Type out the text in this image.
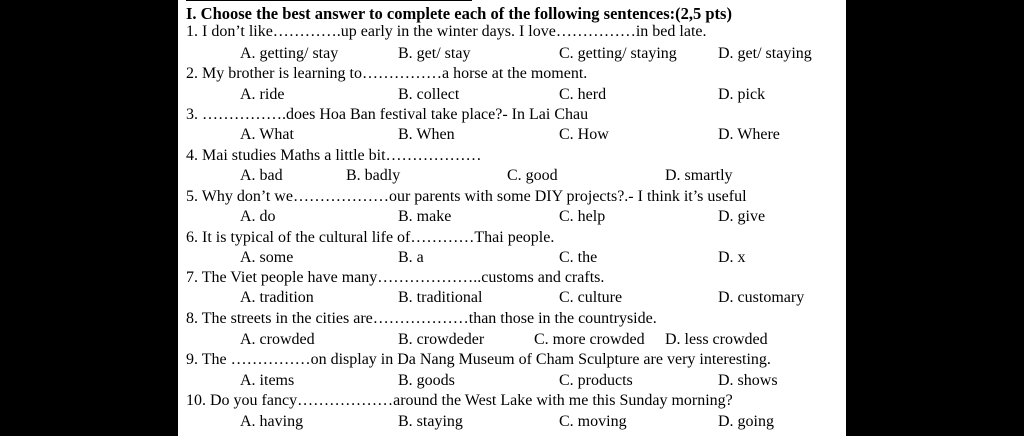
I. Choose the best answer to complete each of the following sentences:(2,5 pts)
1. I don’t like………….up early in the winter days. I love……………in bed late.
A. getting/ stay	B. get/ stay	C. getting/ staying	D. get/ staying
2. My brother is learning to……………a horse at the moment.
A. ride	B. collect	C. herd	D. pick
3. …………….does Hoa Ban festival take place?- In Lai Chau
A. What	B. When	C. How	D. Where
4. Mai studies Maths a little bit………………
A. bad	B. badly	C. good	D. smartly
5. Why don’t we………………our parents with some DIY projects?.- I think it’s useful
A. do	B. make	C. help	D. give
6. It is typical of the cultural life of…………Thai people.
A. some	B. a	C. the	D. x
7. The Viet people have many………………..customs and crafts.
A. tradition	B. traditional	C. culture	D. customary
8. The streets in the cities are………………than those in the countryside.
A. crowded	B. crowdeder	C. more crowded D. less crowded
9. The ……………on display in Da Nang Museum of Cham Sculpture are very interesting.
A. items	B. goods	C. products	D. shows
10. Do you fancy………………around the West Lake with me this Sunday morning?
A. having	B. staying	C. moving	D. going
